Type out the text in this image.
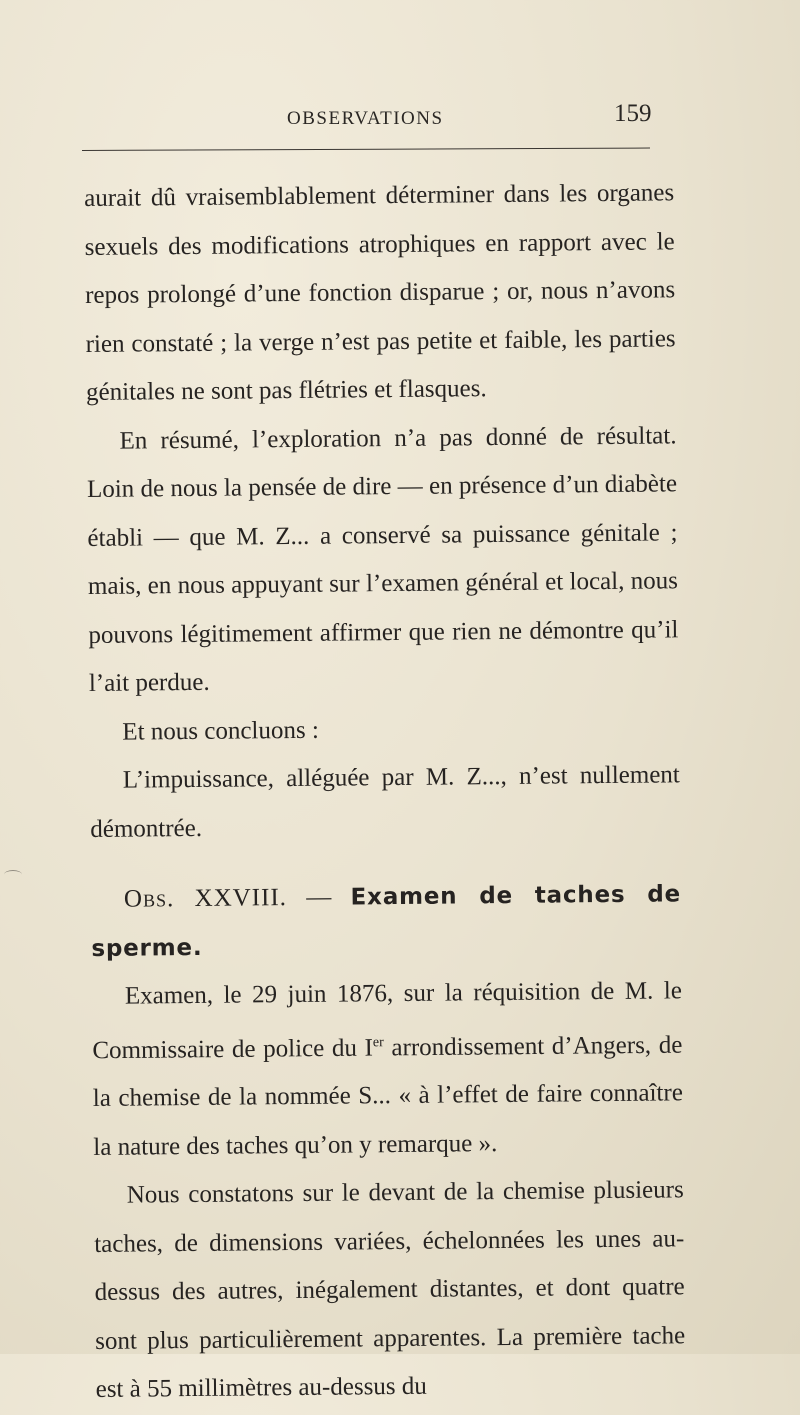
OBSERVATIONS	159

aurait dû vraisemblablement déterminer dans les organes sexuels des modifications atrophiques en rapport avec le repos prolongé d’une fonction disparue ; or, nous n’avons rien constaté ; la verge n’est pas petite et faible, les parties génitales ne sont pas flétries et flasques.

En résumé, l’exploration n’a pas donné de résultat. Loin de nous la pensée de dire — en présence d’un diabète établi — que M. Z... a conservé sa puissance génitale ; mais, en nous appuyant sur l’examen général et local, nous pouvons légitimement affirmer que rien ne démontre qu’il l’ait perdue.

Et nous concluons :

L’impuissance, alléguée par M. Z..., n’est nullement démontrée.

Obs. XXVIII. — Examen de taches de sperme.

Examen, le 29 juin 1876, sur la réquisition de M. le Commissaire de police du Ier arrondissement d’Angers, de la chemise de la nommée S... « à l’effet de faire connaître la nature des taches qu’on y remarque ».

Nous constatons sur le devant de la chemise plusieurs taches, de dimensions variées, échelonnées les unes au-dessus des autres, inégalement distantes, et dont quatre sont plus particulièrement apparentes. La première tache est à 55 millimètres au-dessus du
